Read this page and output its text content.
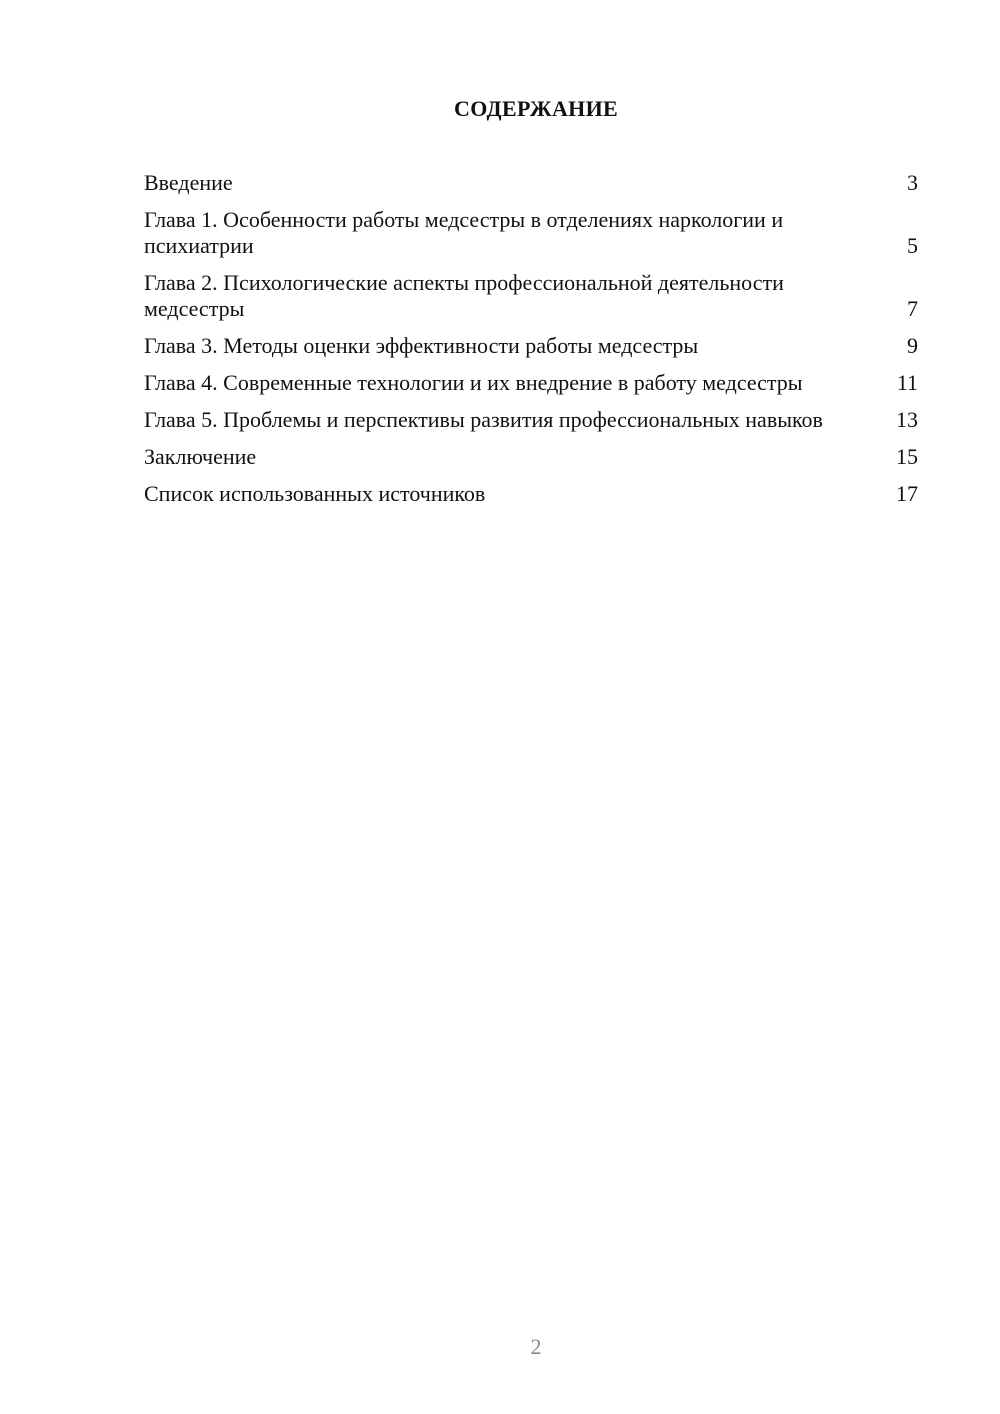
СОДЕРЖАНИЕ
Введение	3
Глава 1. Особенности работы медсестры в отделениях наркологии и психиатрии	5
Глава 2. Психологические аспекты профессиональной деятельности медсестры	7
Глава 3. Методы оценки эффективности работы медсестры	9
Глава 4. Современные технологии и их внедрение в работу медсестры	11
Глава 5. Проблемы и перспективы развития профессиональных навыков	13
Заключение	15
Список использованных источников	17
2
